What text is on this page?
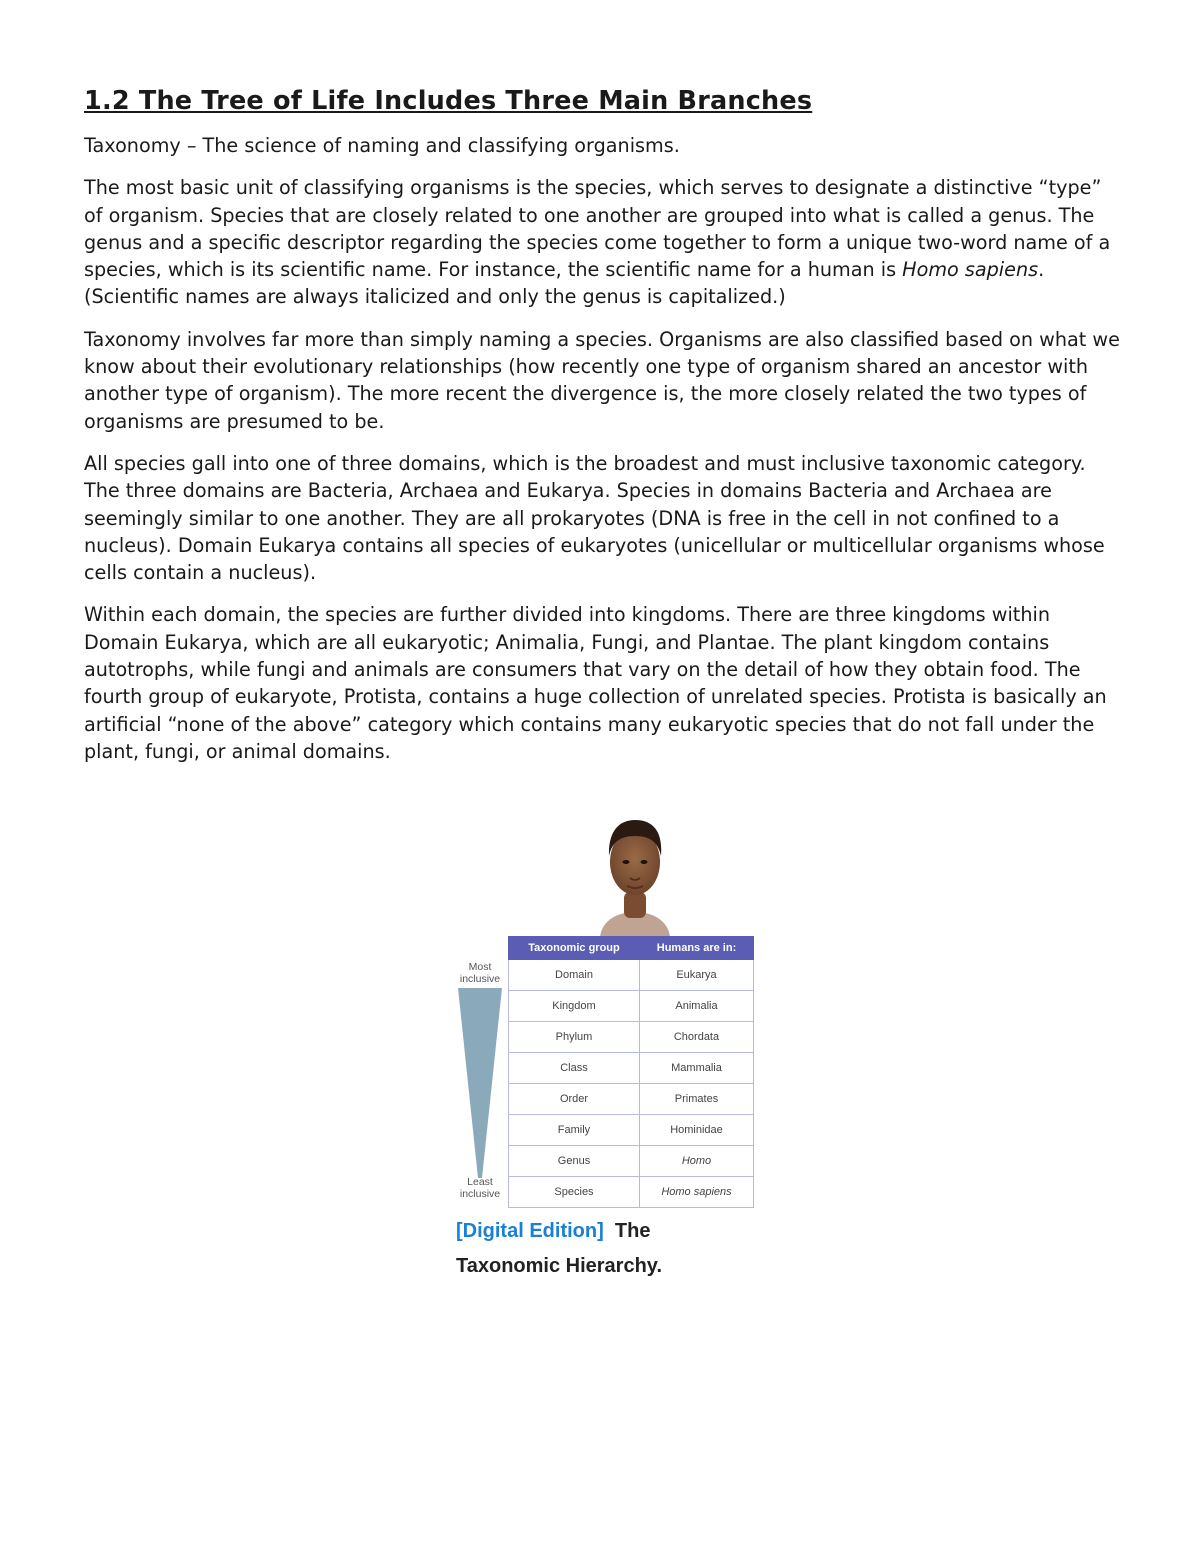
1.2 The Tree of Life Includes Three Main Branches

Taxonomy – The science of naming and classifying organisms.

The most basic unit of classifying organisms is the species, which serves to designate a distinctive “type” of organism. Species that are closely related to one another are grouped into what is called a genus. The genus and a specific descriptor regarding the species come together to form a unique two-word name of a species, which is its scientific name. For instance, the scientific name for a human is Homo sapiens. (Scientific names are always italicized and only the genus is capitalized.)

Taxonomy involves far more than simply naming a species. Organisms are also classified based on what we know about their evolutionary relationships (how recently one type of organism shared an ancestor with another type of organism). The more recent the divergence is, the more closely related the two types of organisms are presumed to be.

All species gall into one of three domains, which is the broadest and must inclusive taxonomic category. The three domains are Bacteria, Archaea and Eukarya. Species in domains Bacteria and Archaea are seemingly similar to one another. They are all prokaryotes (DNA is free in the cell in not confined to a nucleus). Domain Eukarya contains all species of eukaryotes (unicellular or multicellular organisms whose cells contain a nucleus).

Within each domain, the species are further divided into kingdoms. There are three kingdoms within Domain Eukarya, which are all eukaryotic; Animalia, Fungi, and Plantae. The plant kingdom contains autotrophs, while fungi and animals are consumers that vary on the detail of how they obtain food. The fourth group of eukaryote, Protista, contains a huge collection of unrelated species. Protista is basically an artificial “none of the above” category which contains many eukaryotic species that do not fall under the plant, fungi, or animal domains.

Most inclusive
Least inclusive
Taxonomic group	Humans are in:
Domain	Eukarya
Kingdom	Animalia
Phylum	Chordata
Class	Mammalia
Order	Primates
Family	Hominidae
Genus	Homo
Species	Homo sapiens
[Digital Edition] The Taxonomic Hierarchy.
